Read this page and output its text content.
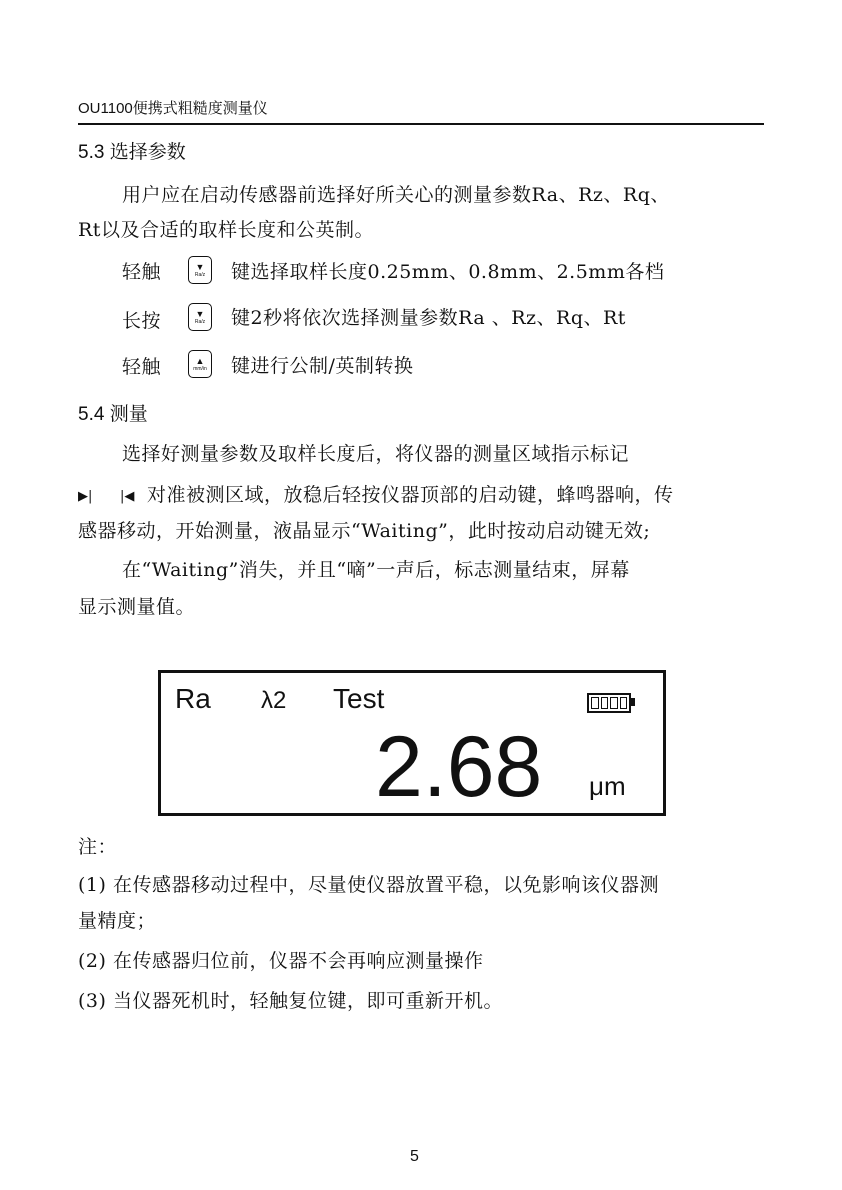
OU1100便携式粗糙度测量仪
5.3 选择参数
用户应在启动传感器前选择好所关心的测量参数Ra、Rz、Rq、
Rt以及合适的取样长度和公英制。
轻触	▼
Ra/z 键选择取样长度0.25mm、0.8mm、2.5mm各档
长按	▼
Ra/z 键2秒将依次选择测量参数Ra 、Rz、Rq、Rt
轻触	▲
mm/in 键进行公制/英制转换
5.4 测量
选择好测量参数及取样长度后，将仪器的测量区域指示标记
▶| |◀ 对准被测区域，放稳后轻按仪器顶部的启动键，蜂鸣器响，传
感器移动，开始测量，液晶显示“Waiting”，此时按动启动键无效;
在“Waiting”消失，并且“嘀”一声后，标志测量结束，屏幕
显示测量值。
Ra λ2 Test
2.68 μm
注：
(1) 在传感器移动过程中，尽量使仪器放置平稳，以免影响该仪器测
量精度；
(2) 在传感器归位前，仪器不会再响应测量操作
(3) 当仪器死机时，轻触复位键，即可重新开机。
5
